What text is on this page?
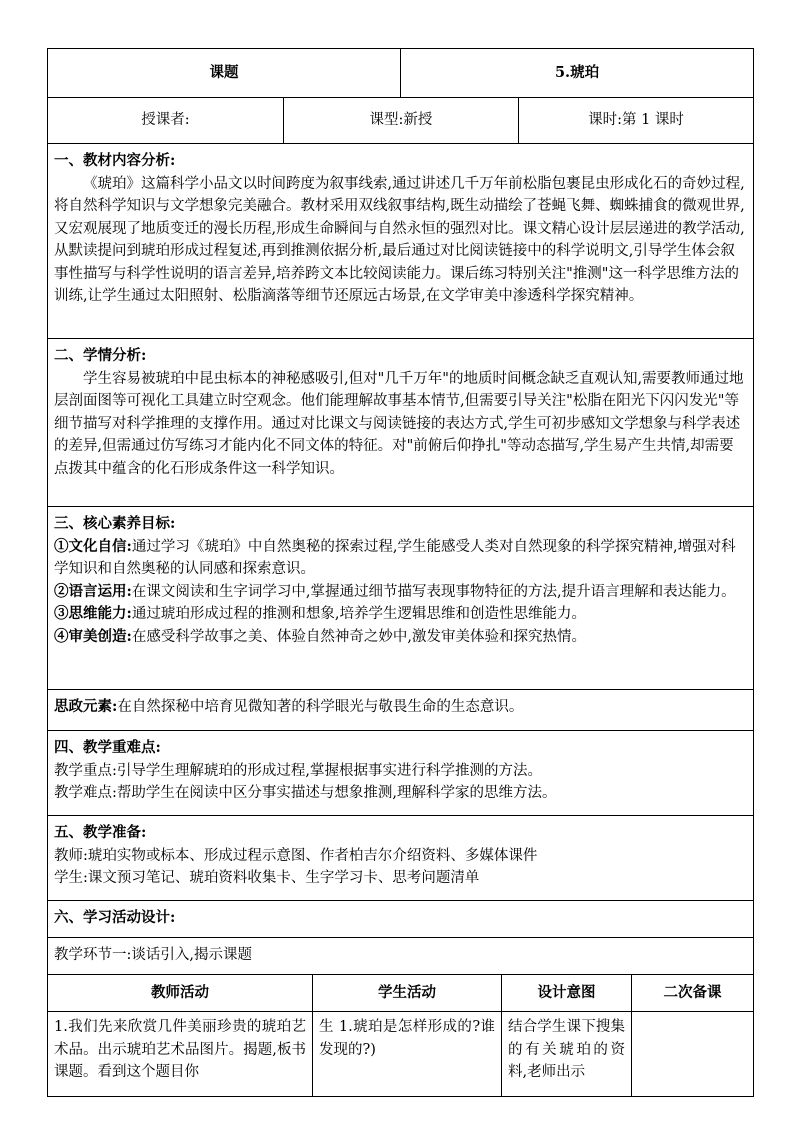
课题		5.琥珀	
授课者:	课型:新授		课时:第 1 课时

一、教材内容分析:

《琥珀》这篇科学小品文以时间跨度为叙事线索,通过讲述几千万年前松脂包裹昆虫形成化石的奇妙过程,将自然科学知识与文学想象完美融合。教材采用双线叙事结构,既生动描绘了苍蝇飞舞、蜘蛛捕食的微观世界,又宏观展现了地质变迁的漫长历程,形成生命瞬间与自然永恒的强烈对比。课文精心设计层层递进的教学活动,从默读提问到琥珀形成过程复述,再到推测依据分析,最后通过对比阅读链接中的科学说明文,引导学生体会叙事性描写与科学性说明的语言差异,培养跨文本比较阅读能力。课后练习特别关注"推测"这一科学思维方法的训练,让学生通过太阳照射、松脂滴落等细节还原远古场景,在文学审美中渗透科学探究精神。			

二、学情分析:

学生容易被琥珀中昆虫标本的神秘感吸引,但对"几千万年"的地质时间概念缺乏直观认知,需要教师通过地层剖面图等可视化工具建立时空观念。他们能理解故事基本情节,但需要引导关注"松脂在阳光下闪闪发光"等细节描写对科学推理的支撑作用。通过对比课文与阅读链接的表达方式,学生可初步感知文学想象与科学表述的差异,但需通过仿写练习才能内化不同文体的特征。对"前俯后仰挣扎"等动态描写,学生易产生共情,却需要点拨其中蕴含的化石形成条件这一科学知识。			

三、核心素养目标:

①文化自信:通过学习《琥珀》中自然奥秘的探索过程,学生能感受人类对自然现象的科学探究精神,增强对科学知识和自然奥秘的认同感和探索意识。

②语言运用:在课文阅读和生字词学习中,掌握通过细节描写表现事物特征的方法,提升语言理解和表达能力。

③思维能力:通过琥珀形成过程的推测和想象,培养学生逻辑思维和创造性思维能力。

④审美创造:在感受科学故事之美、体验自然神奇之妙中,激发审美体验和探究热情。			

思政元素:在自然探秘中培育见微知著的科学眼光与敬畏生命的生态意识。			

四、教学重难点:

教学重点:引导学生理解琥珀的形成过程,掌握根据事实进行科学推测的方法。

教学难点:帮助学生在阅读中区分事实描述与想象推测,理解科学家的思维方法。			

五、教学准备:

教师:琥珀实物或标本、形成过程示意图、作者柏吉尔介绍资料、多媒体课件

学生:课文预习笔记、琥珀资料收集卡、生字学习卡、思考问题清单			

六、学习活动设计:			

教学环节一:谈话引入,揭示课题			

教师活动	学生活动	设计意图	二次备课
1.我们先来欣赏几件美丽珍贵的琥珀艺术品。出示琥珀艺术品图片。揭题,板书课题。看到这个题目你	生 1.琥珀是怎样形成的?谁发现的?)	结合学生课下搜集的有关琥珀的资料,老师出示	
